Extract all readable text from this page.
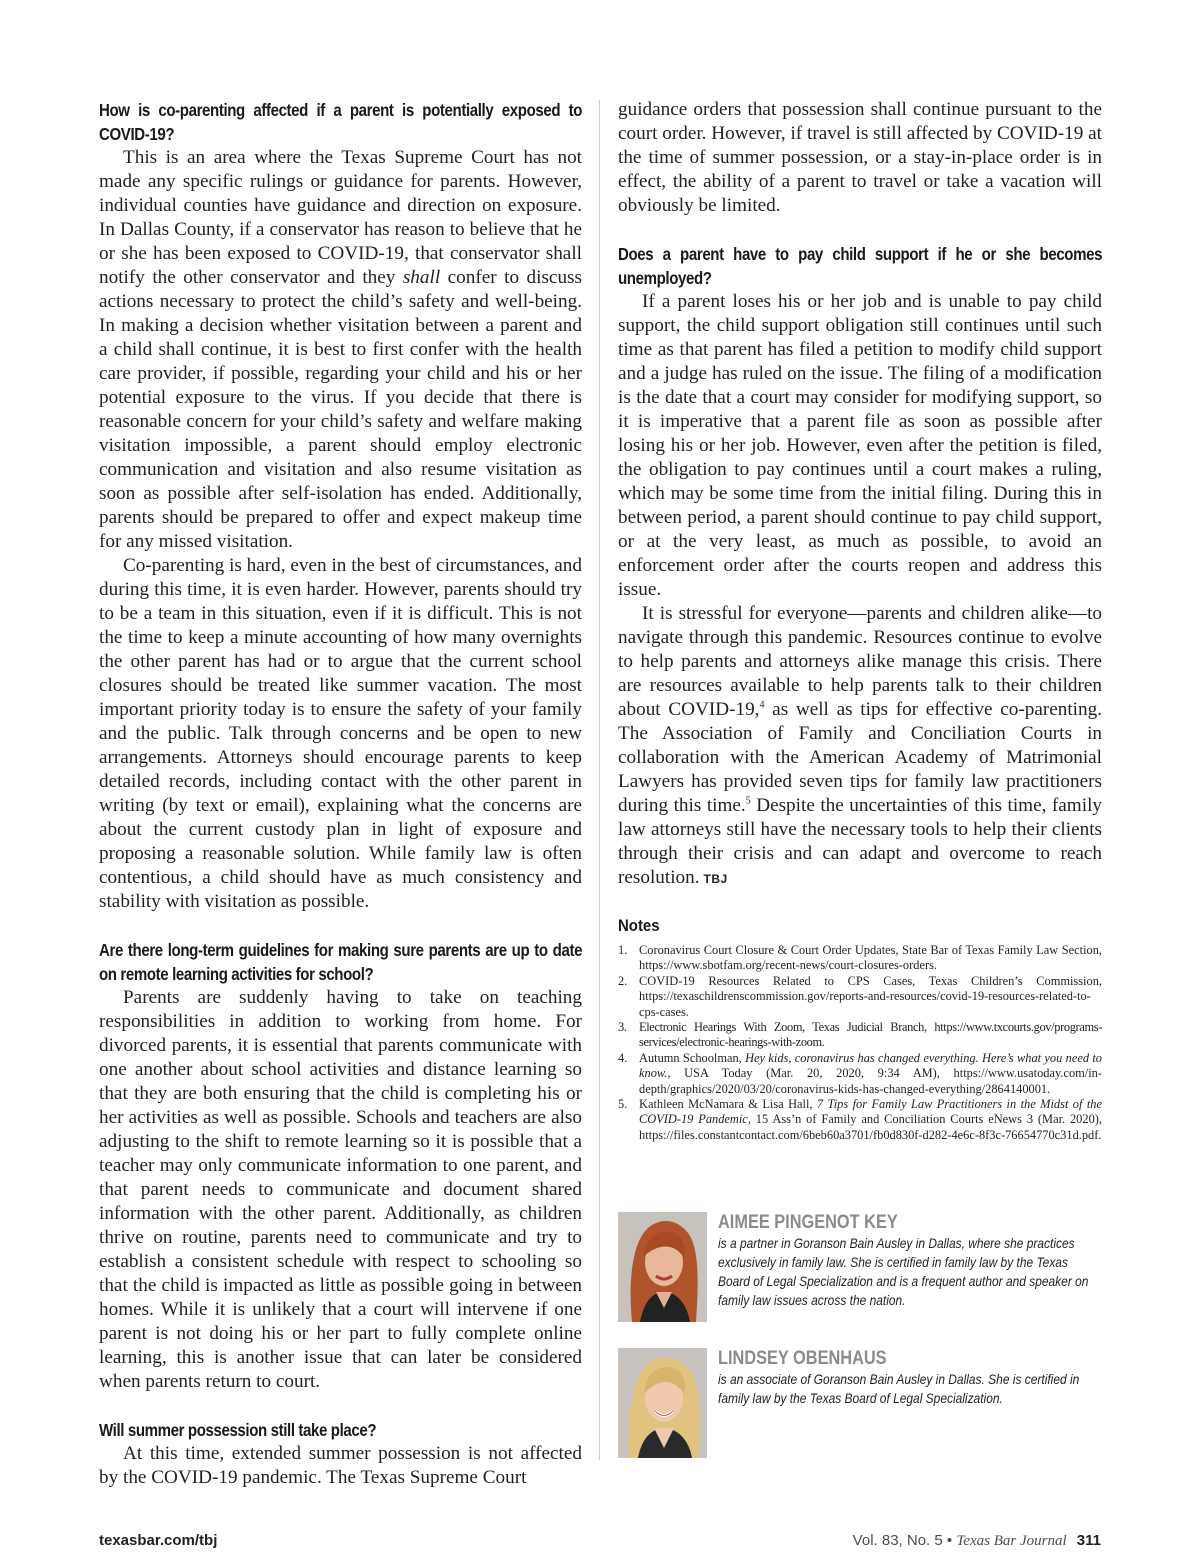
How is co-parenting affected if a parent is potentially exposed to COVID-19?

This is an area where the Texas Supreme Court has not made any specific rulings or guidance for parents. However, individual counties have guidance and direction on exposure. In Dallas County, if a conservator has reason to believe that he or she has been exposed to COVID-19, that conservator shall notify the other conservator and they shall confer to discuss actions necessary to protect the child’s safety and well-being. In making a decision whether visitation between a parent and a child shall continue, it is best to first confer with the health care provider, if possible, regarding your child and his or her potential exposure to the virus. If you decide that there is reasonable concern for your child’s safety and welfare making visitation impossible, a parent should employ electronic communication and visitation and also resume visitation as soon as possible after self-isolation has ended. Additionally, parents should be prepared to offer and expect makeup time for any missed visitation.

Co-parenting is hard, even in the best of circumstances, and during this time, it is even harder. However, parents should try to be a team in this situation, even if it is difficult. This is not the time to keep a minute accounting of how many overnights the other parent has had or to argue that the current school closures should be treated like summer vacation. The most important priority today is to ensure the safety of your family and the public. Talk through concerns and be open to new arrangements. Attorneys should encourage parents to keep detailed records, including contact with the other parent in writing (by text or email), explaining what the concerns are about the current custody plan in light of exposure and proposing a reasonable solution. While family law is often contentious, a child should have as much consistency and stability with visitation as possible.

Are there long-term guidelines for making sure parents are up to date on remote learning activities for school?

Parents are suddenly having to take on teaching responsibilities in addition to working from home. For divorced parents, it is essential that parents communicate with one another about school activities and distance learning so that they are both ensuring that the child is completing his or her activities as well as possible. Schools and teachers are also adjusting to the shift to remote learning so it is possible that a teacher may only communicate information to one parent, and that parent needs to communicate and document shared information with the other parent. Additionally, as children thrive on routine, parents need to communicate and try to establish a consistent schedule with respect to schooling so that the child is impacted as little as possible going in between homes. While it is unlikely that a court will intervene if one parent is not doing his or her part to fully complete online learning, this is another issue that can later be considered when parents return to court.

Will summer possession still take place?

At this time, extended summer possession is not affected by the COVID-19 pandemic. The Texas Supreme Court

guidance orders that possession shall continue pursuant to the court order. However, if travel is still affected by COVID-19 at the time of summer possession, or a stay-in-place order is in effect, the ability of a parent to travel or take a vacation will obviously be limited.

Does a parent have to pay child support if he or she becomes unemployed?

If a parent loses his or her job and is unable to pay child support, the child support obligation still continues until such time as that parent has filed a petition to modify child support and a judge has ruled on the issue. The filing of a modification is the date that a court may consider for modifying support, so it is imperative that a parent file as soon as possible after losing his or her job. However, even after the petition is filed, the obligation to pay continues until a court makes a ruling, which may be some time from the initial filing. During this in between period, a parent should continue to pay child support, or at the very least, as much as possible, to avoid an enforcement order after the courts reopen and address this issue.

It is stressful for everyone—parents and children alike—to navigate through this pandemic. Resources continue to evolve to help parents and attorneys alike manage this crisis. There are resources available to help parents talk to their children about COVID-19,$^4$ as well as tips for effective co-parenting. The Association of Family and Conciliation Courts in collaboration with the American Academy of Matrimonial Lawyers has provided seven tips for family law practitioners during this time.$^5$ Despite the uncertainties of this time, family law attorneys still have the necessary tools to help their clients through their crisis and can adapt and overcome to reach resolution. TBJ

Notes
1. Coronavirus Court Closure & Court Order Updates, State Bar of Texas Family Law Section, https://www.sbotfam.org/recent-news/court-closures-orders.
2. COVID-19 Resources Related to CPS Cases, Texas Children’s Commission, https://texaschildrenscommission.gov/reports-and-resources/covid-19-resources-related-to-cps-cases.
3. Electronic Hearings With Zoom, Texas Judicial Branch, https://www.txcourts.gov/programs-services/electronic-hearings-with-zoom.
4. Autumn Schoolman, Hey kids, coronavirus has changed everything. Here’s what you need to know., USA Today (Mar. 20, 2020, 9:34 AM), https://www.usatoday.com/in-depth/graphics/2020/03/20/coronavirus-kids-has-changed-everything/2864140001.
5. Kathleen McNamara & Lisa Hall, 7 Tips for Family Law Practitioners in the Midst of the COVID-19 Pandemic, 15 Ass’n of Family and Conciliation Courts eNews 3 (Mar. 2020), https://files.constantcontact.com/6beb60a3701/fb0d830f-d282-4e6c-8f3c-76654770c31d.pdf.
AIMEE PINGENOT KEY
is a partner in Goranson Bain Ausley in Dallas, where she practices exclusively in family law. She is certified in family law by the Texas Board of Legal Specialization and is a frequent author and speaker on family law issues across the nation.
LINDSEY OBENHAUS
is an associate of Goranson Bain Ausley in Dallas. She is certified in family law by the Texas Board of Legal Specialization.
texasbar.com/tbj	Vol. 83, No. 5 • Texas Bar Journal 311
